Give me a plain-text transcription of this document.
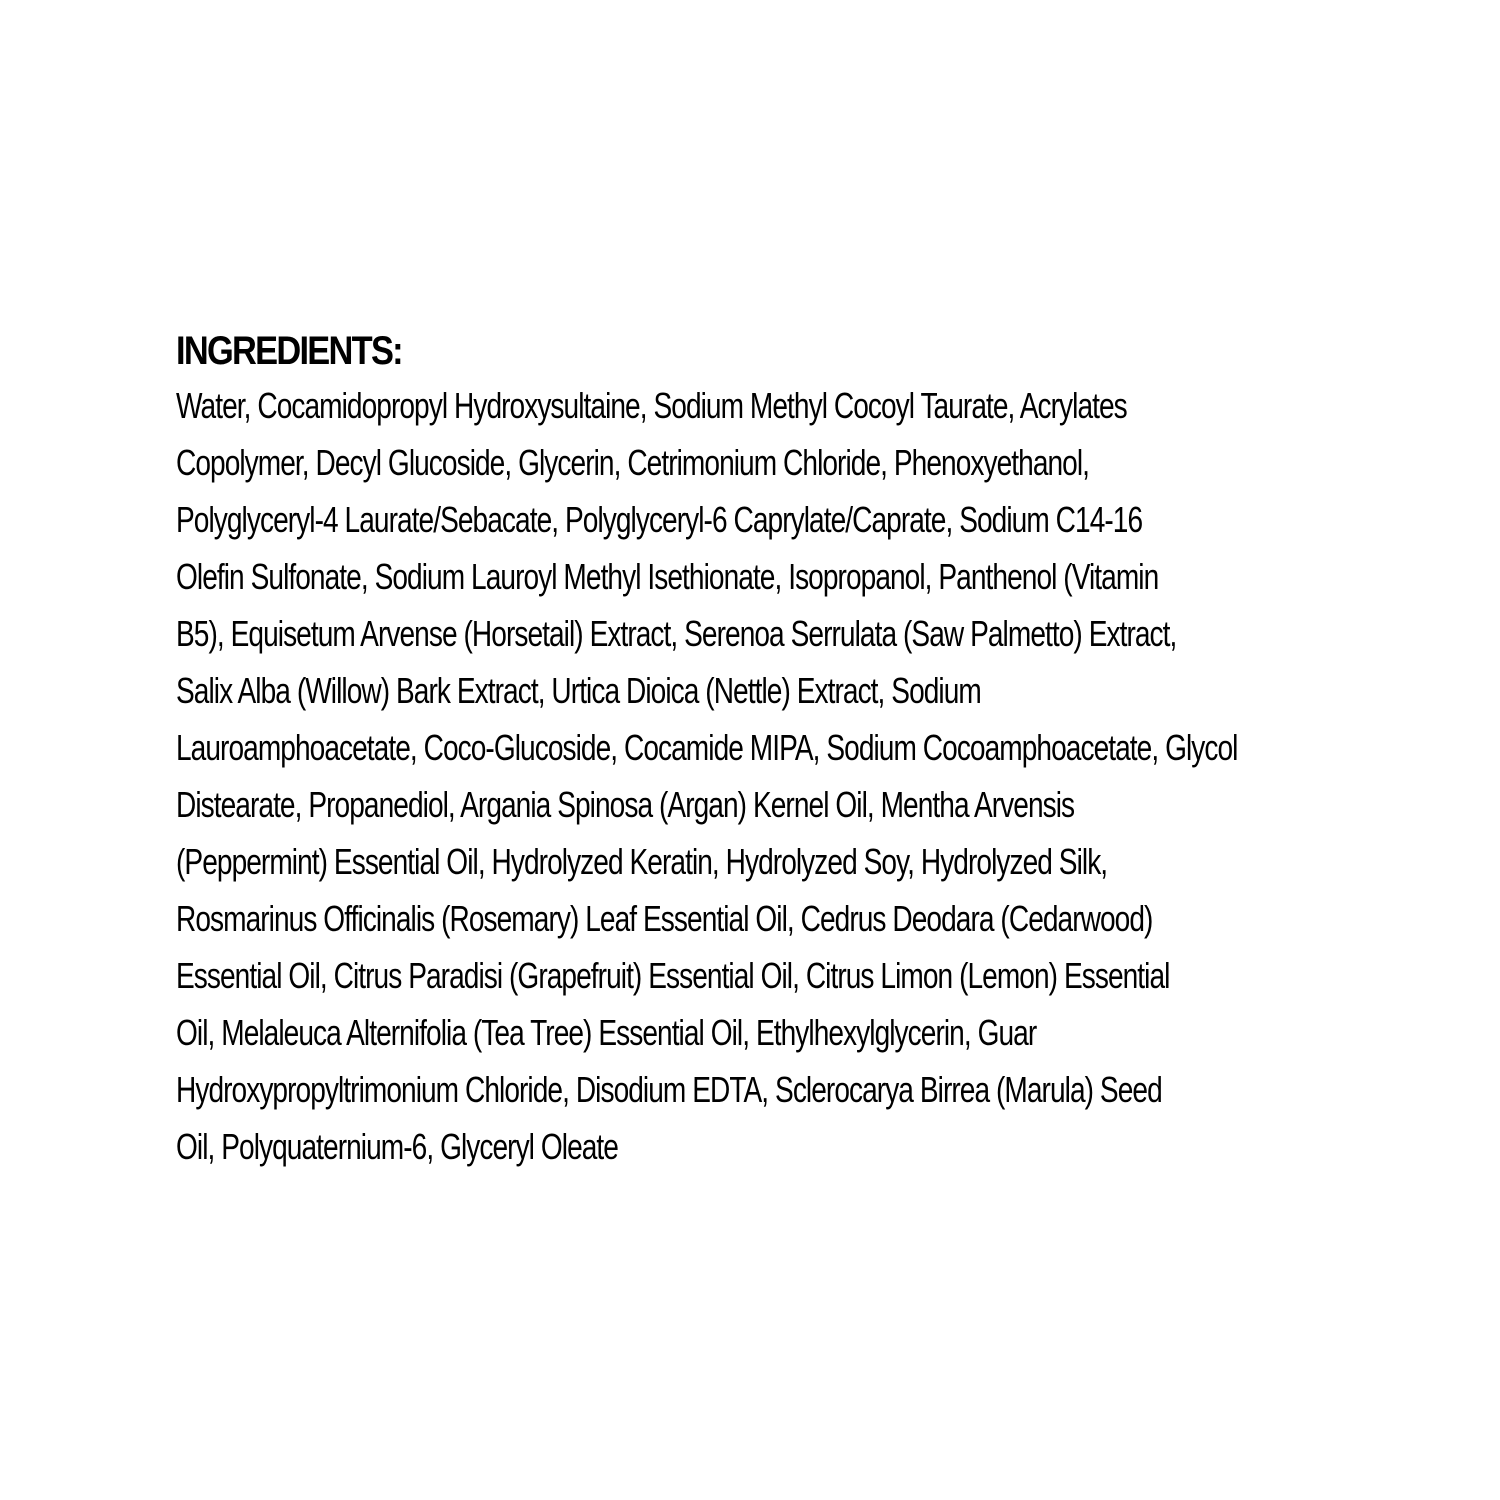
INGREDIENTS:
Water, Cocamidopropyl Hydroxysultaine, Sodium Methyl Cocoyl Taurate, Acrylates
Copolymer, Decyl Glucoside, Glycerin, Cetrimonium Chloride, Phenoxyethanol,
Polyglyceryl-4 Laurate/Sebacate, Polyglyceryl-6 Caprylate/Caprate, Sodium C14-16
Olefin Sulfonate, Sodium Lauroyl Methyl Isethionate, Isopropanol, Panthenol (Vitamin
B5), Equisetum Arvense (Horsetail) Extract, Serenoa Serrulata (Saw Palmetto) Extract,
Salix Alba (Willow) Bark Extract, Urtica Dioica (Nettle) Extract, Sodium
Lauroamphoacetate, Coco-Glucoside, Cocamide MIPA, Sodium Cocoamphoacetate, Glycol
Distearate, Propanediol, Argania Spinosa (Argan) Kernel Oil, Mentha Arvensis
(Peppermint) Essential Oil, Hydrolyzed Keratin, Hydrolyzed Soy, Hydrolyzed Silk,
Rosmarinus Officinalis (Rosemary) Leaf Essential Oil, Cedrus Deodara (Cedarwood)
Essential Oil, Citrus Paradisi (Grapefruit) Essential Oil, Citrus Limon (Lemon) Essential
Oil, Melaleuca Alternifolia (Tea Tree) Essential Oil, Ethylhexylglycerin, Guar
Hydroxypropyltrimonium Chloride, Disodium EDTA, Sclerocarya Birrea (Marula) Seed
Oil, Polyquaternium-6, Glyceryl Oleate
